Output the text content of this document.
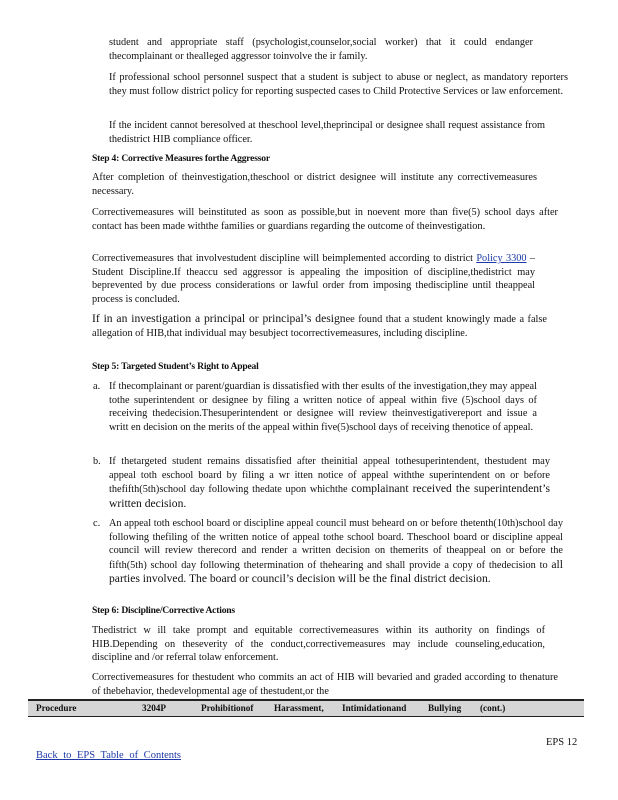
student and appropriate staff (psychologist,counselor,social worker) that it could endanger thecomplainant or thealleged aggressor toinvolve the ir family.

If professional school personnel suspect that a student is subject to abuse or neglect, as mandatory reporters they must follow district policy for reporting suspected cases to Child Protective Services or law enforcement.

If the incident cannot beresolved at theschool level,theprincipal or designee shall request assistance from thedistrict HIB compliance officer.

Step 4: Corrective Measures forthe Aggressor

After completion of theinvestigation,theschool or district designee will institute any correctivemeasures necessary.

Correctivemeasures will beinstituted as soon as possible,but in noevent more than five(5) school days after contact has been made withthe families or guardians regarding the outcome of theinvestigation.

Correctivemeasures that involvestudent discipline will beimplemented according to district Policy 3300 – Student Discipline.If theaccu sed aggressor is appealing the imposition of discipline,thedistrict may beprevented by due process considerations or lawful order from imposing thediscipline until theappeal process is concluded.

If in an investigation a principal or principal’s designee found that a student knowingly made a false allegation of HIB,that individual may besubject tocorrectivemeasures, including discipline.

Step 5: Targeted Student’s Right to Appeal
a. If thecomplainant or parent/guardian is dissatisfied with ther esults of the investigation,they may appeal tothe superintendent or designee by filing a written notice of appeal within five (5)school days of receiving thedecision.Thesuperintendent or designee will review theinvestigativereport and issue a writt en decision on the merits of the appeal within five(5)school days of receiving thenotice of appeal.

b. If thetargeted student remains dissatisfied after theinitial appeal tothesuperintendent, thestudent may appeal toth eschool board by filing a wr itten notice of appeal withthe superintendent on or before thefifth(5th)school day following thedate upon whichthe complainant received the superintendent’s written decision.

c. An appeal toth eschool board or discipline appeal council must beheard on or before thetenth(10th)school day following thefiling of the written notice of appeal tothe school board. Theschool board or discipline appeal council will review therecord and render a written decision on themerits of theappeal on or before the fifth(5th) school day following thetermination of thehearing and shall provide a copy of thedecision to all parties involved. The board or council’s decision will be the final district decision.

Step 6: Discipline/Corrective Actions

Thedistrict w ill take prompt and equitable correctivemeasures within its authority on findings of HIB.Depending on theseverity of the conduct,correctivemeasures may include counseling,education, discipline and /or referral tolaw enforcement.

Correctivemeasures for thestudent who commits an act of HIB will bevaried and graded according to thenature of thebehavior, thedevelopmental age of thestudent,or the

Procedure	3204P	Prohibitionof Harassment, Intimidationand Bullying (cont.)
EPS 12
Back to EPS Table of Contents
